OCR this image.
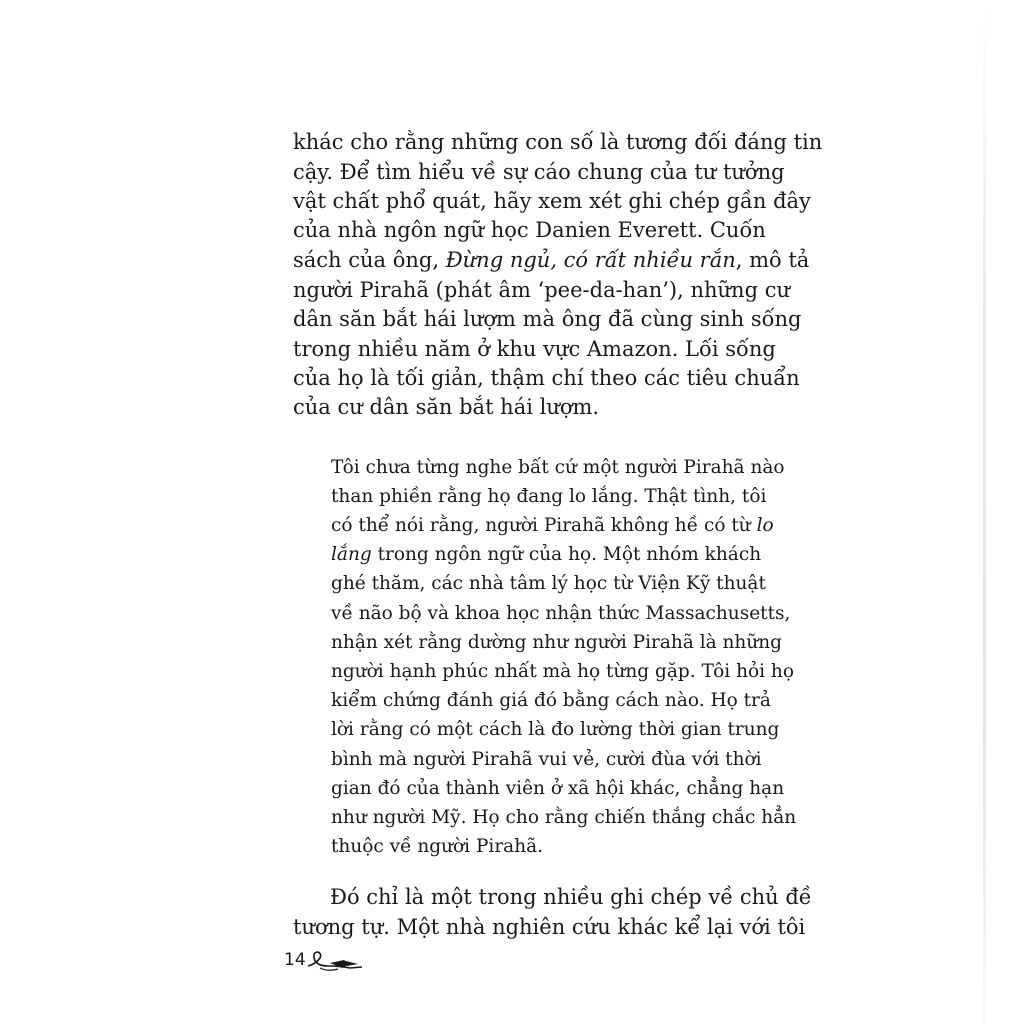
khác cho rằng những con số là tương đối đáng tin
cậy. Để tìm hiểu về sự cáo chung của tư tưởng
vật chất phổ quát, hãy xem xét ghi chép gần đây
của nhà ngôn ngữ học Danien Everett. Cuốn
sách của ông, Đừng ngủ, có rất nhiều rắn, mô tả
người Pirahã (phát âm ‘pee-da-han’), những cư
dân săn bắt hái lượm mà ông đã cùng sinh sống
trong nhiều năm ở khu vực Amazon. Lối sống
của họ là tối giản, thậm chí theo các tiêu chuẩn
của cư dân săn bắt hái lượm.
Tôi chưa từng nghe bất cứ một người Pirahã nào
than phiền rằng họ đang lo lắng. Thật tình, tôi
có thể nói rằng, người Pirahã không hề có từ lo
lắng trong ngôn ngữ của họ. Một nhóm khách
ghé thăm, các nhà tâm lý học từ Viện Kỹ thuật
về não bộ và khoa học nhận thức Massachusetts,
nhận xét rằng dường như người Pirahã là những
người hạnh phúc nhất mà họ từng gặp. Tôi hỏi họ
kiểm chứng đánh giá đó bằng cách nào. Họ trả
lời rằng có một cách là đo lường thời gian trung
bình mà người Pirahã vui vẻ, cười đùa với thời
gian đó của thành viên ở xã hội khác, chẳng hạn
như người Mỹ. Họ cho rằng chiến thắng chắc hẳn
thuộc về người Pirahã.
Đó chỉ là một trong nhiều ghi chép về chủ đề
tương tự. Một nhà nghiên cứu khác kể lại với tôi
14
